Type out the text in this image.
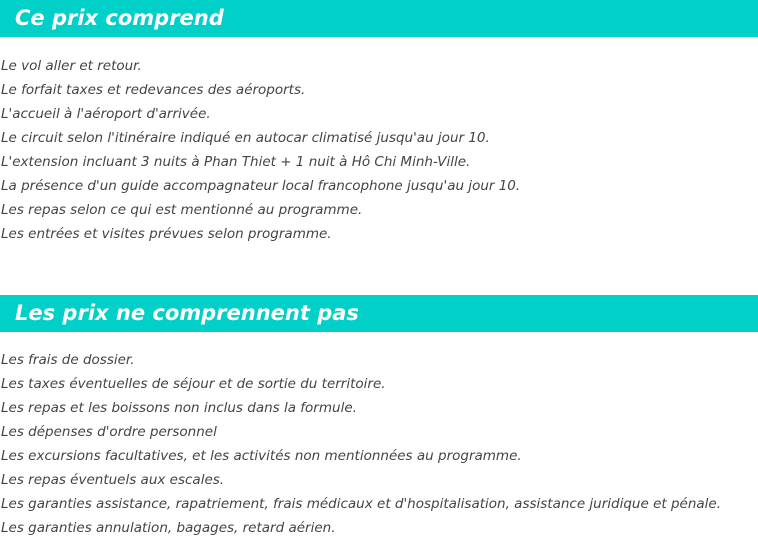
Ce prix comprend
Le vol aller et retour.
Le forfait taxes et redevances des aéroports.
L'accueil à l'aéroport d'arrivée.
Le circuit selon l'itinéraire indiqué en autocar climatisé jusqu'au jour 10.
L'extension incluant 3 nuits à Phan Thiet + 1 nuit à Hô Chi Minh-Ville.
La présence d'un guide accompagnateur local francophone jusqu'au jour 10.
Les repas selon ce qui est mentionné au programme.
Les entrées et visites prévues selon programme.
Les prix ne comprennent pas
Les frais de dossier.
Les taxes éventuelles de séjour et de sortie du territoire.
Les repas et les boissons non inclus dans la formule.
Les dépenses d'ordre personnel
Les excursions facultatives, et les activités non mentionnées au programme.
Les repas éventuels aux escales.
Les garanties assistance, rapatriement, frais médicaux et d'hospitalisation, assistance juridique et pénale.
Les garanties annulation, bagages, retard aérien.
